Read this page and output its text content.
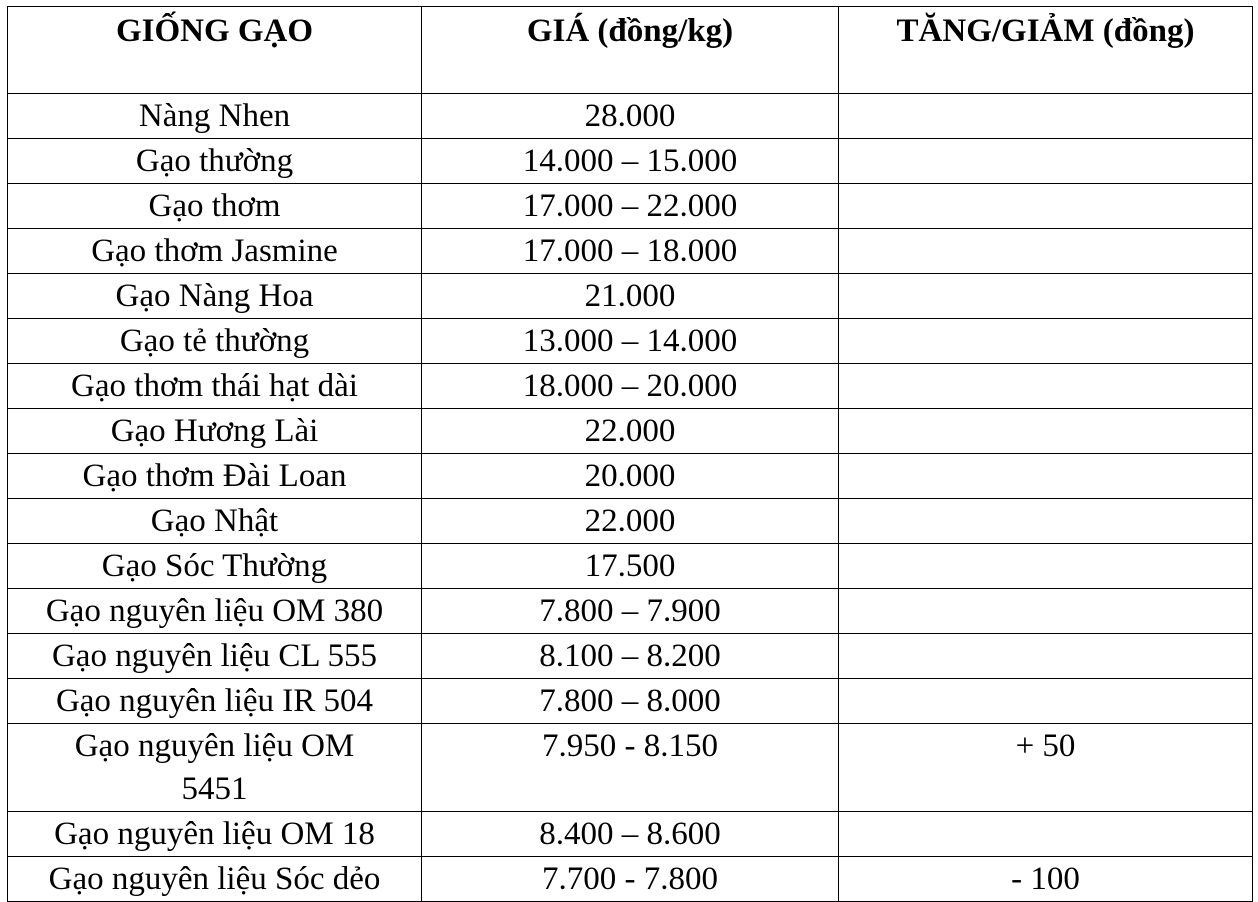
GIỐNG GẠO	GIÁ (đồng/kg)	TĂNG/GIẢM (đồng)
Nàng Nhen	28.000	
Gạo thường	14.000 – 15.000	
Gạo thơm	17.000 – 22.000	
Gạo thơm Jasmine	17.000 – 18.000	
Gạo Nàng Hoa	21.000	
Gạo tẻ thường	13.000 – 14.000	
Gạo thơm thái hạt dài	18.000 – 20.000	
Gạo Hương Lài	22.000	
Gạo thơm Đài Loan	20.000	
Gạo Nhật	22.000	
Gạo Sóc Thường	17.500	
Gạo nguyên liệu OM 380	7.800 – 7.900	
Gạo nguyên liệu CL 555	8.100 – 8.200	
Gạo nguyên liệu IR 504	7.800 – 8.000	
Gạo nguyên liệu OM 5451	7.950 - 8.150	+ 50
Gạo nguyên liệu OM 18	8.400 – 8.600	
Gạo nguyên liệu Sóc dẻo	7.700 - 7.800	- 100
